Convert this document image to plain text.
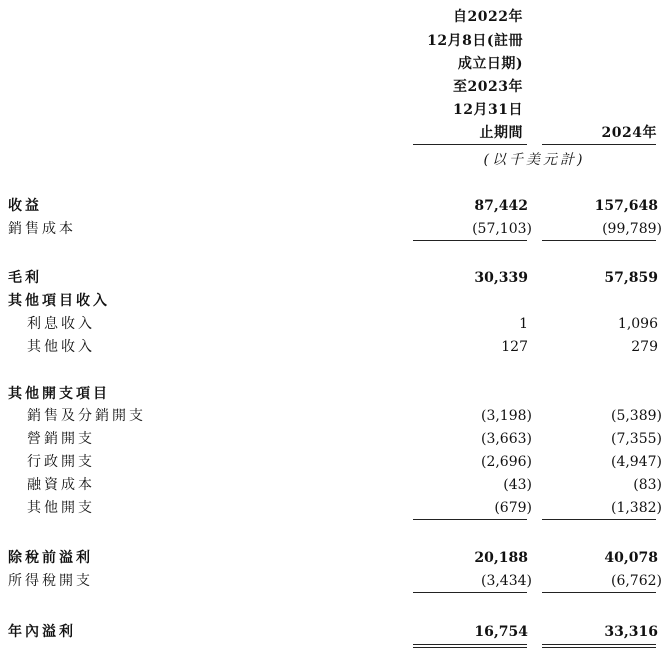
自2022年
12月8日(註冊
成立日期)
至2023年
12月31日
止期間	2024年
(以千美元計)
收益	87,442	157,648
銷售成本	(57,103)	(99,789)
毛利	30,339	57,859
其他項目收入
利息收入	1	1,096
其他收入	127	279
其他開支項目
銷售及分銷開支	(3,198)	(5,389)
營銷開支	(3,663)	(7,355)
行政開支	(2,696)	(4,947)
融資成本	(43)	(83)
其他開支	(679)	(1,382)
除稅前溢利	20,188	40,078
所得稅開支	(3,434)	(6,762)
年內溢利	16,754	33,316
